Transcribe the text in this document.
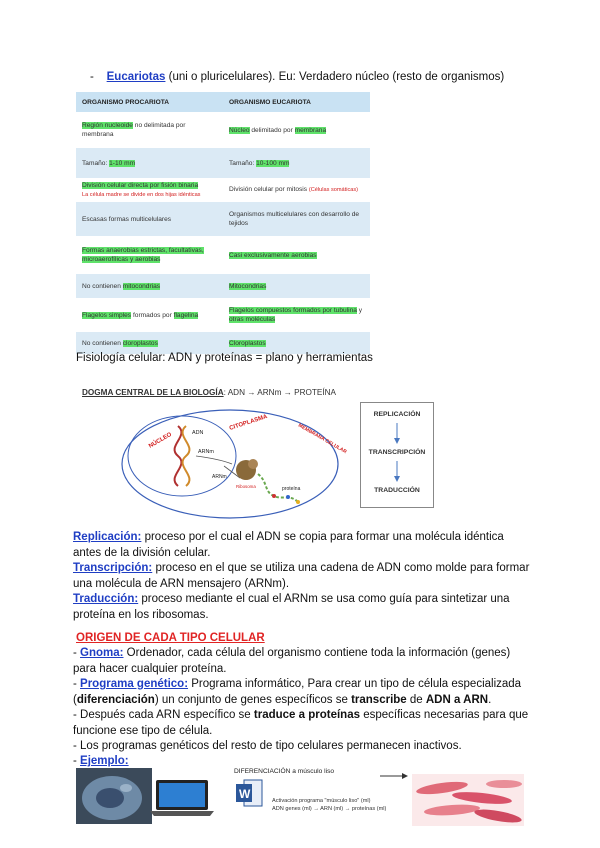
- Eucariotas (uni o pluricelulares). Eu: Verdadero núcleo (resto de organismos)
ORGANISMO PROCARIOTA	ORGANISMO EUCARIOTA
Región nucleoide no delimitada por membrana	Núcleo delimitado por membrana
Tamaño: 1-10 mm	Tamaño: 10-100 mm
División celular directa por fisión binaria
La célula madre se divide en dos hijas idénticas	División celular por mitosis (Células somáticas)
Escasas formas multicelulares	Organismos multicelulares con desarrollo de tejidos
Formas anaerobias estrictas, facultativas, microaerofílicas y aerobias	Casi exclusivamente aerobias
No contienen mitocondrias	Mitocondrias
Flagelos simples formados por flagelina	Flagelos compuestos formados por tubulina y otras moléculas
No contienen cloroplastos	Cloroplastos
Fisiología celular: ADN y proteínas = plano y herramientas
DOGMA CENTRAL DE LA BIOLOGÍA: ADN → ARNm → PROTEÍNA
NÚCLEO	ADN
ARNm
CITOPLASMA	MEMBRANA CELULAR
ARNm
Ribosoma	proteína
REPLICACIÓN
TRANSCRIPCIÓN
TRADUCCIÓN
Replicación: proceso por el cual el ADN se copia para formar una molécula idéntica antes de la división celular.
Transcripción: proceso en el que se utiliza una cadena de ADN como molde para formar una molécula de ARN mensajero (ARNm).
Traducción: proceso mediante el cual el ARNm se usa como guía para sintetizar una proteína en los ribosomas.
ORIGEN DE CADA TIPO CELULAR
- Gnoma: Ordenador, cada célula del organismo contiene toda la información (genes) para hacer cualquier proteína.
- Programa genético: Programa informático, Para crear un tipo de célula especializada (diferenciación) un conjunto de genes específicos se transcribe de ADN a ARN.
- Después cada ARN específico se traduce a proteínas específicas necesarias para que funcione ese tipo de célula.
- Los programas genéticos del resto de tipo celulares permanecen inactivos.
- Ejemplo:
W
DIFERENCIACIÓN a músculo liso
Activación programa "músculo liso" (ml)
ADN genes (ml) → ARN (ml) → proteínas (ml)
